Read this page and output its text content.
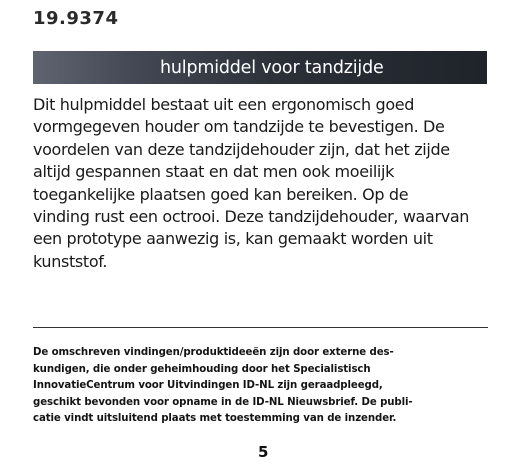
19.9374
hulpmiddel voor tandzijde
Dit hulpmiddel bestaat uit een ergonomisch goed
vormgegeven houder om tandzijde te bevestigen. De
voordelen van deze tandzijdehouder zijn, dat het zijde
altijd gespannen staat en dat men ook moeilijk
toegankelijke plaatsen goed kan bereiken. Op de
vinding rust een octrooi. Deze tandzijdehouder, waarvan
een prototype aanwezig is, kan gemaakt worden uit
kunststof.
De omschreven vindingen/produktideeën zijn door externe des-
kundigen, die onder geheimhouding door het Specialistisch
InnovatieCentrum voor Uitvindingen ID-NL zijn geraadpleegd,
geschikt bevonden voor opname in de ID-NL Nieuwsbrief. De publi-
catie vindt uitsluitend plaats met toestemming van de inzender.
5
